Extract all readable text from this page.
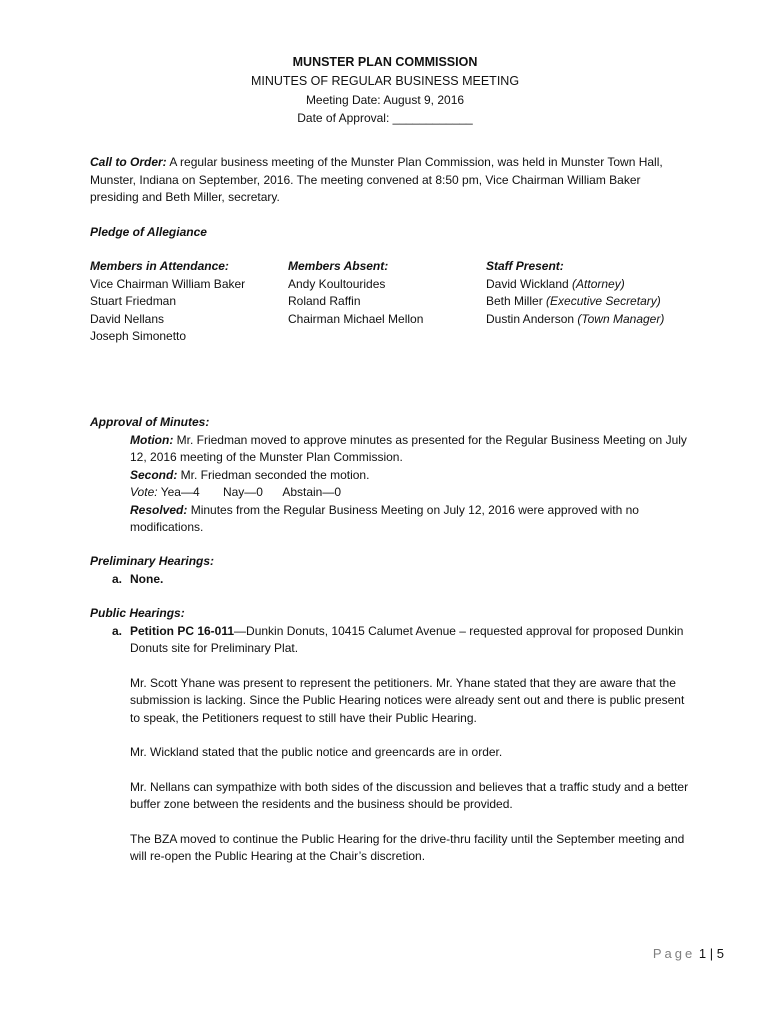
MUNSTER PLAN COMMISSION
MINUTES OF REGULAR BUSINESS MEETING
Meeting Date: August 9, 2016
Date of Approval: ____________
Call to Order: A regular business meeting of the Munster Plan Commission, was held in Munster Town Hall, Munster, Indiana on September, 2016. The meeting convened at 8:50 pm, Vice Chairman William Baker presiding and Beth Miller, secretary.
Pledge of Allegiance
Members in Attendance:
Vice Chairman William Baker
Stuart Friedman
David Nellans
Joseph Simonetto
Members Absent:
Andy Koultourides
Roland Raffin
Chairman Michael Mellon
Staff Present:
David Wickland (Attorney)
Beth Miller (Executive Secretary)
Dustin Anderson (Town Manager)
Approval of Minutes:
Motion: Mr. Friedman moved to approve minutes as presented for the Regular Business Meeting on July 12, 2016 meeting of the Munster Plan Commission.
Second: Mr. Friedman seconded the motion.
Vote: Yea—4       Nay—0      Abstain—0
Resolved: Minutes from the Regular Business Meeting on July 12, 2016 were approved with no modifications.
Preliminary Hearings:
a. None.
Public Hearings:
a. Petition PC 16-011—Dunkin Donuts, 10415 Calumet Avenue – requested approval for proposed Dunkin Donuts site for Preliminary Plat.
Mr. Scott Yhane was present to represent the petitioners. Mr. Yhane stated that they are aware that the submission is lacking. Since the Public Hearing notices were already sent out and there is public present to speak, the Petitioners request to still have their Public Hearing.
Mr. Wickland stated that the public notice and greencards are in order.
Mr. Nellans can sympathize with both sides of the discussion and believes that a traffic study and a better buffer zone between the residents and the business should be provided.
The BZA moved to continue the Public Hearing for the drive-thru facility until the September meeting and will re-open the Public Hearing at the Chair’s discretion.
Page 1 | 5
